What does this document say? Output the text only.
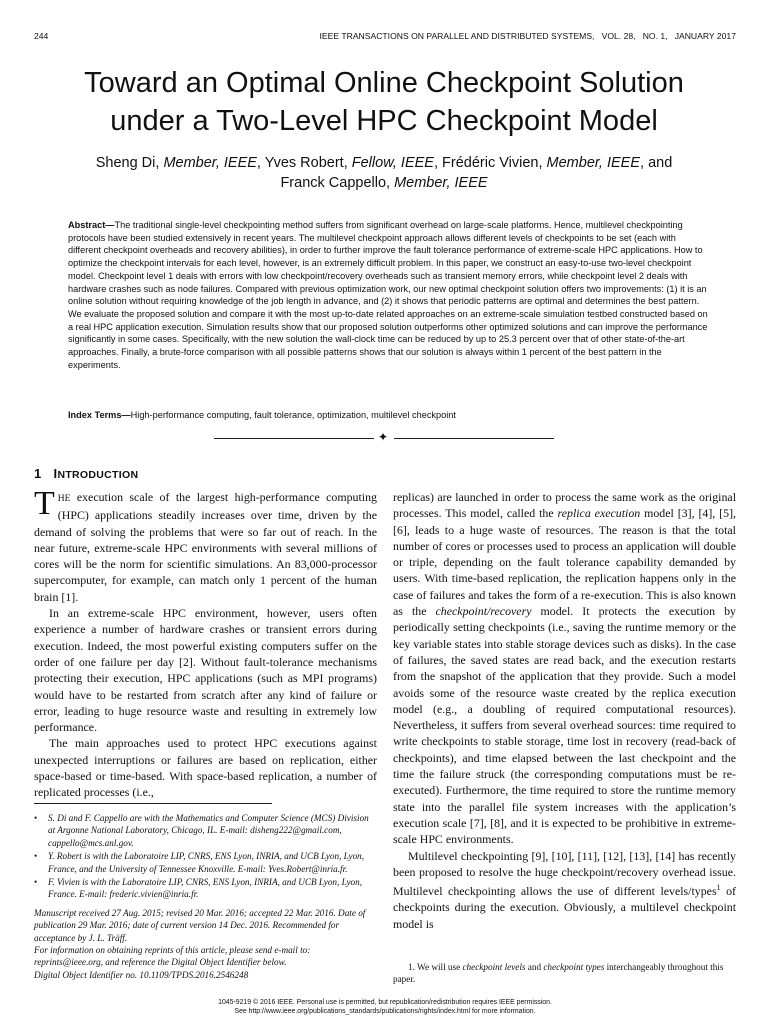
244	IEEE TRANSACTIONS ON PARALLEL AND DISTRIBUTED SYSTEMS,   VOL. 28,   NO. 1,   JANUARY 2017
Toward an Optimal Online Checkpoint Solution
under a Two-Level HPC Checkpoint Model
Sheng Di, Member, IEEE, Yves Robert, Fellow, IEEE, Frédéric Vivien, Member, IEEE, and
Franck Cappello, Member, IEEE

Abstract—The traditional single-level checkpointing method suffers from significant overhead on large-scale platforms. Hence, multilevel checkpointing protocols have been studied extensively in recent years. The multilevel checkpoint approach allows different levels of checkpoints to be set (each with different checkpoint overheads and recovery abilities), in order to further improve the fault tolerance performance of extreme-scale HPC applications. How to optimize the checkpoint intervals for each level, however, is an extremely difficult problem. In this paper, we construct an easy-to-use two-level checkpoint model. Checkpoint level 1 deals with errors with low checkpoint/recovery overheads such as transient memory errors, while checkpoint level 2 deals with hardware crashes such as node failures. Compared with previous optimization work, our new optimal checkpoint solution offers two improvements: (1) it is an online solution without requiring knowledge of the job length in advance, and (2) it shows that periodic patterns are optimal and determines the best pattern. We evaluate the proposed solution and compare it with the most up-to-date related approaches on an extreme-scale simulation testbed constructed based on a real HPC application execution. Simulation results show that our proposed solution outperforms other optimized solutions and can improve the performance significantly in some cases. Specifically, with the new solution the wall-clock time can be reduced by up to 25.3 percent over that of other state-of-the-art approaches. Finally, a brute-force comparison with all possible patterns shows that our solution is always within 1 percent of the best pattern in the experiments.

Index Terms—High-performance computing, fault tolerance, optimization, multilevel checkpoint
✦
1 INTRODUCTION

THE execution scale of the largest high-performance computing (HPC) applications steadily increases over time, driven by the demand of solving the problems that were so far out of reach. In the near future, extreme-scale HPC environments with several millions of cores will be the norm for scientific simulations. An 83,000-processor supercomputer, for example, can match only 1 percent of the human brain [1].

In an extreme-scale HPC environment, however, users often experience a number of hardware crashes or transient errors during execution. Indeed, the most powerful existing computers suffer on the order of one failure per day [2]. Without fault-tolerance mechanisms protecting their execution, HPC applications (such as MPI programs) would have to be restarted from scratch after any kind of failure or error, leading to huge resource waste and resulting in extremely low performance.

The main approaches used to protect HPC executions against unexpected interruptions or failures are based on replication, either space-based or time-based. With space-based replication, a number of replicated processes (i.e.,

replicas) are launched in order to process the same work as the original processes. This model, called the replica execution model [3], [4], [5], [6], leads to a huge waste of resources. The reason is that the total number of cores or processes used to process an application will double or triple, depending on the fault tolerance capability demanded by users. With time-based replication, the replication happens only in the case of failures and takes the form of a re-execution. This is also known as the checkpoint/recovery model. It protects the execution by periodically setting checkpoints (i.e., saving the runtime memory or the key variable states into stable storage devices such as disks). In the case of failures, the saved states are read back, and the execution restarts from the snapshot of the application that they provide. Such a model avoids some of the resource waste created by the replica execution model (e.g., a doubling of required computational resources). Nevertheless, it suffers from several overhead sources: time required to write checkpoints to stable storage, time lost in recovery (read-back of checkpoints), and time elapsed between the last checkpoint and the time the failure struck (the corresponding computations must be re-executed). Furthermore, the time required to store the runtime memory state into the parallel file system increases with the application’s execution scale [7], [8], and it is expected to be prohibitive in extreme-scale HPC environments.

Multilevel checkpointing [9], [10], [11], [12], [13], [14] has recently been proposed to resolve the huge checkpoint/recovery overhead issue. Multilevel checkpointing allows the use of different levels/types$^1$ of checkpoints during the execution. Obviously, a multilevel checkpoint model is

• S. Di and F. Cappello are with the Mathematics and Computer Science (MCS) Division at Argonne National Laboratory, Chicago, IL. E-mail: disheng222@gmail.com, cappello@mcs.anl.gov.
• Y. Robert is with the Laboratoire LIP, CNRS, ENS Lyon, INRIA, and UCB Lyon, Lyon, France, and the University of Tennessee Knoxville. E-mail: Yves.Robert@inria.fr.
• F. Vivien is with the Laboratoire LIP, CNRS, ENS Lyon, INRIA, and UCB Lyon, Lyon, France. E-mail: frederic.vivien@inria.fr.

Manuscript received 27 Aug. 2015; revised 20 Mar. 2016; accepted 22 Mar. 2016. Date of publication 29 Mar. 2016; date of current version 14 Dec. 2016. Recommended for acceptance by J. L. Träff.

For information on obtaining reprints of this article, please send e-mail to: reprints@ieee.org, and reference the Digital Object Identifier below.

Digital Object Identifier no. 10.1109/TPDS.2016.2546248

1. We will use checkpoint levels and checkpoint types interchangeably throughout this paper.
1045-9219 © 2016 IEEE. Personal use is permitted, but republication/redistribution requires IEEE permission.
See http://www.ieee.org/publications_standards/publications/rights/index.html for more information.
